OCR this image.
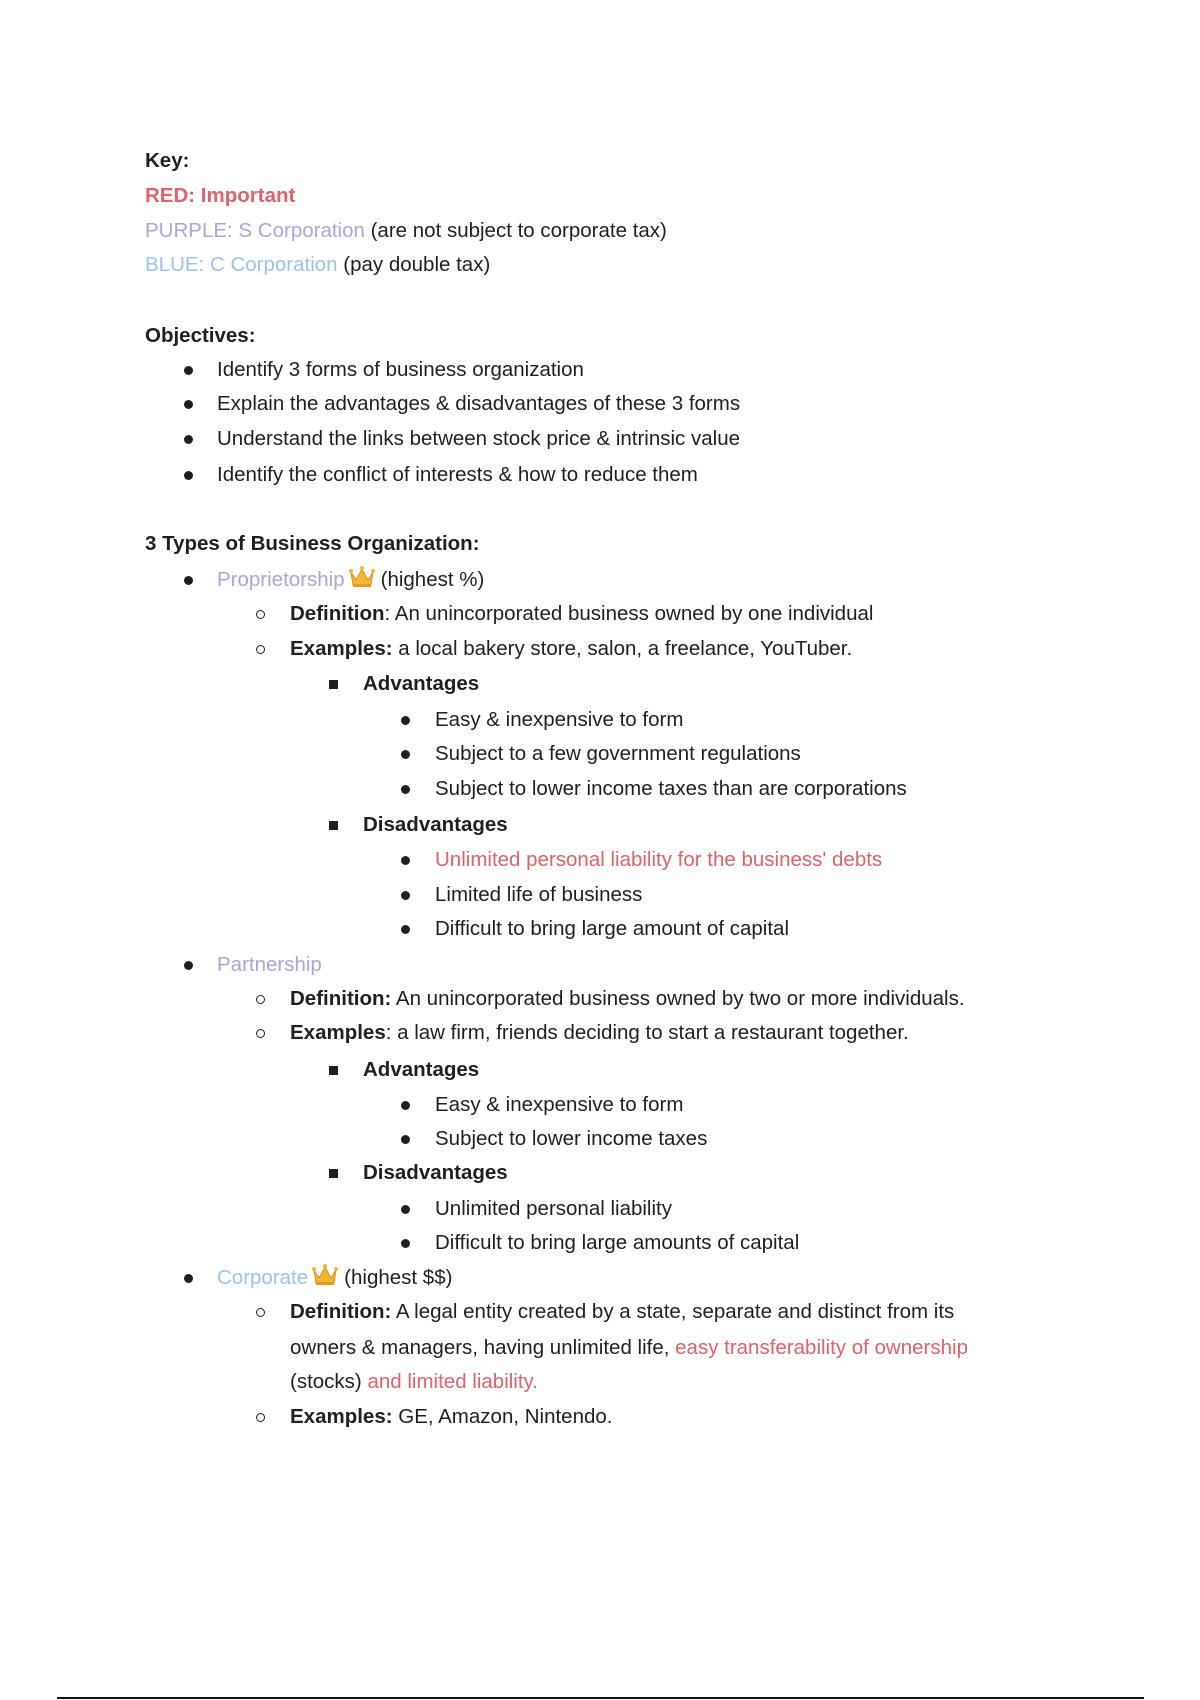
Key:
RED: Important
PURPLE: S Corporation (are not subject to corporate tax)
BLUE: C Corporation (pay double tax)
Objectives:
Identify 3 forms of business organization
Explain the advantages & disadvantages of these 3 forms
Understand the links between stock price & intrinsic value
Identify the conflict of interests & how to reduce them
3 Types of Business Organization:
Proprietorship (highest %)
Definition: An unincorporated business owned by one individual
Examples: a local bakery store, salon, a freelance, YouTuber.
Advantages
Easy & inexpensive to form
Subject to a few government regulations
Subject to lower income taxes than are corporations
Disadvantages
Unlimited personal liability for the business' debts
Limited life of business
Difficult to bring large amount of capital
Partnership
Definition: An unincorporated business owned by two or more individuals.
Examples: a law firm, friends deciding to start a restaurant together.
Advantages
Easy & inexpensive to form
Subject to lower income taxes
Disadvantages
Unlimited personal liability
Difficult to bring large amounts of capital
Corporate (highest $$)
Definition: A legal entity created by a state, separate and distinct from its
owners & managers, having unlimited life, easy transferability of ownership
(stocks) and limited liability.
Examples: GE, Amazon, Nintendo.
